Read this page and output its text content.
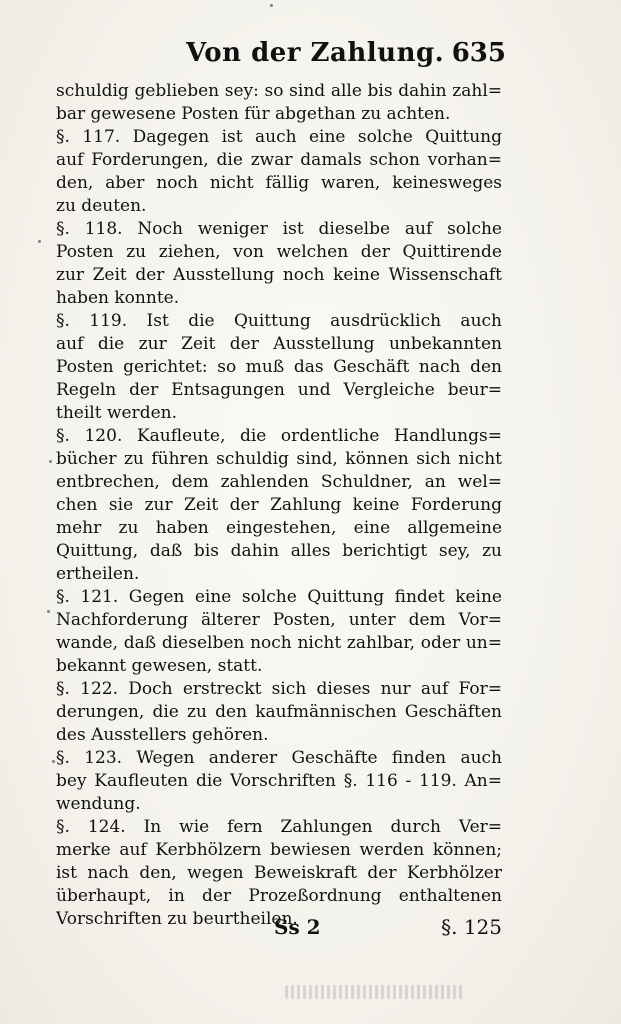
Von der Zahlung. 635
schuldig geblieben sey: so sind alle bis dahin zahl=
bar gewesene Posten für abgethan zu achten.
§. 117. Dagegen ist auch eine solche Quittung
auf Forderungen, die zwar damals schon vorhan=
den, aber noch nicht fällig waren, keinesweges
zu deuten.
§. 118. Noch weniger ist dieselbe auf solche
Posten zu ziehen, von welchen der Quittirende
zur Zeit der Ausstellung noch keine Wissenschaft
haben konnte.
§. 119. Ist die Quittung ausdrücklich auch
auf die zur Zeit der Ausstellung unbekannten
Posten gerichtet: so muß das Geschäft nach den
Regeln der Entsagungen und Vergleiche beur=
theilt werden.
§. 120. Kaufleute, die ordentliche Handlungs=
bücher zu führen schuldig sind, können sich nicht
entbrechen, dem zahlenden Schuldner, an wel=
chen sie zur Zeit der Zahlung keine Forderung
mehr zu haben eingestehen, eine allgemeine
Quittung, daß bis dahin alles berichtigt sey, zu
ertheilen.
§. 121. Gegen eine solche Quittung findet keine
Nachforderung älterer Posten, unter dem Vor=
wande, daß dieselben noch nicht zahlbar, oder un=
bekannt gewesen, statt.
§. 122. Doch erstreckt sich dieses nur auf For=
derungen, die zu den kaufmännischen Geschäften
des Ausstellers gehören.
§. 123. Wegen anderer Geschäfte finden auch
bey Kaufleuten die Vorschriften §. 116 - 119. An=
wendung.
§. 124. In wie fern Zahlungen durch Ver=
merke auf Kerbhölzern bewiesen werden können;
ist nach den, wegen Beweiskraft der Kerbhölzer
überhaupt, in der Prozeßordnung enthaltenen
Vorschriften zu beurtheilen.
Ss 2	§. 125
